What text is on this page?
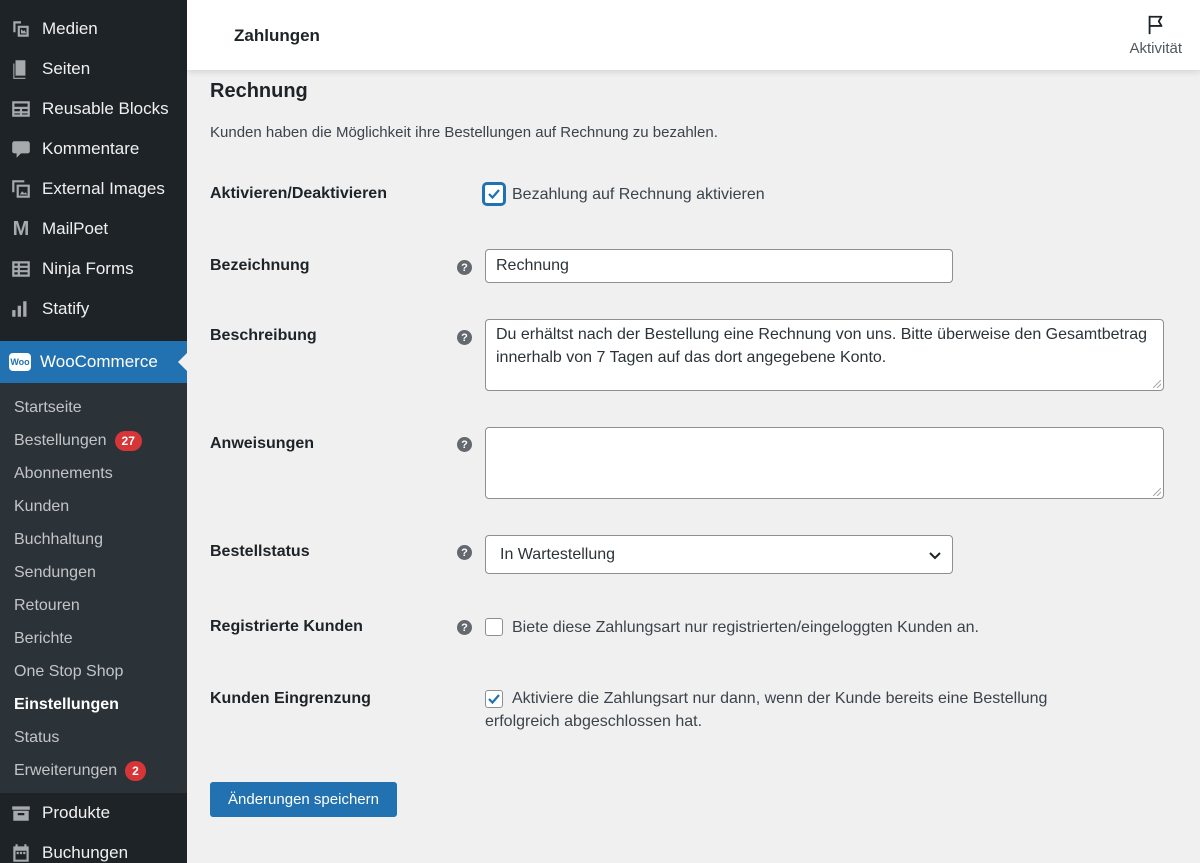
Medien
Seiten
Reusable Blocks
Kommentare
External Images
M MailPoet
Ninja Forms
Statify
Woo WooCommerce
Startseite
Bestellungen	27
Abonnements
Kunden
Buchhaltung
Sendungen
Retouren
Berichte
One Stop Shop
Einstellungen
Status
Erweiterungen	2
Produkte
Buchungen
Zahlungen
Aktivität
Rechnung

Kunden haben die Möglichkeit ihre Bestellungen auf Rechnung zu bezahlen.

Aktivieren/Deaktivieren	Bezahlung auf Rechnung aktivieren
Bezeichnung	?	Rechnung
Beschreibung	?	Du erhältst nach der Bestellung eine Rechnung von uns. Bitte überweise den Gesamtbetrag innerhalb von 7 Tagen auf das dort angegebene Konto.
Anweisungen	?
Bestellstatus	?	In Wartestellung
Registrierte Kunden	?	Biete diese Zahlungsart nur registrierten/eingeloggten Kunden an.
Kunden Eingrenzung	Aktiviere die Zahlungsart nur dann, wenn der Kunde bereits eine Bestellung erfolgreich abgeschlossen hat.
Änderungen speichern
